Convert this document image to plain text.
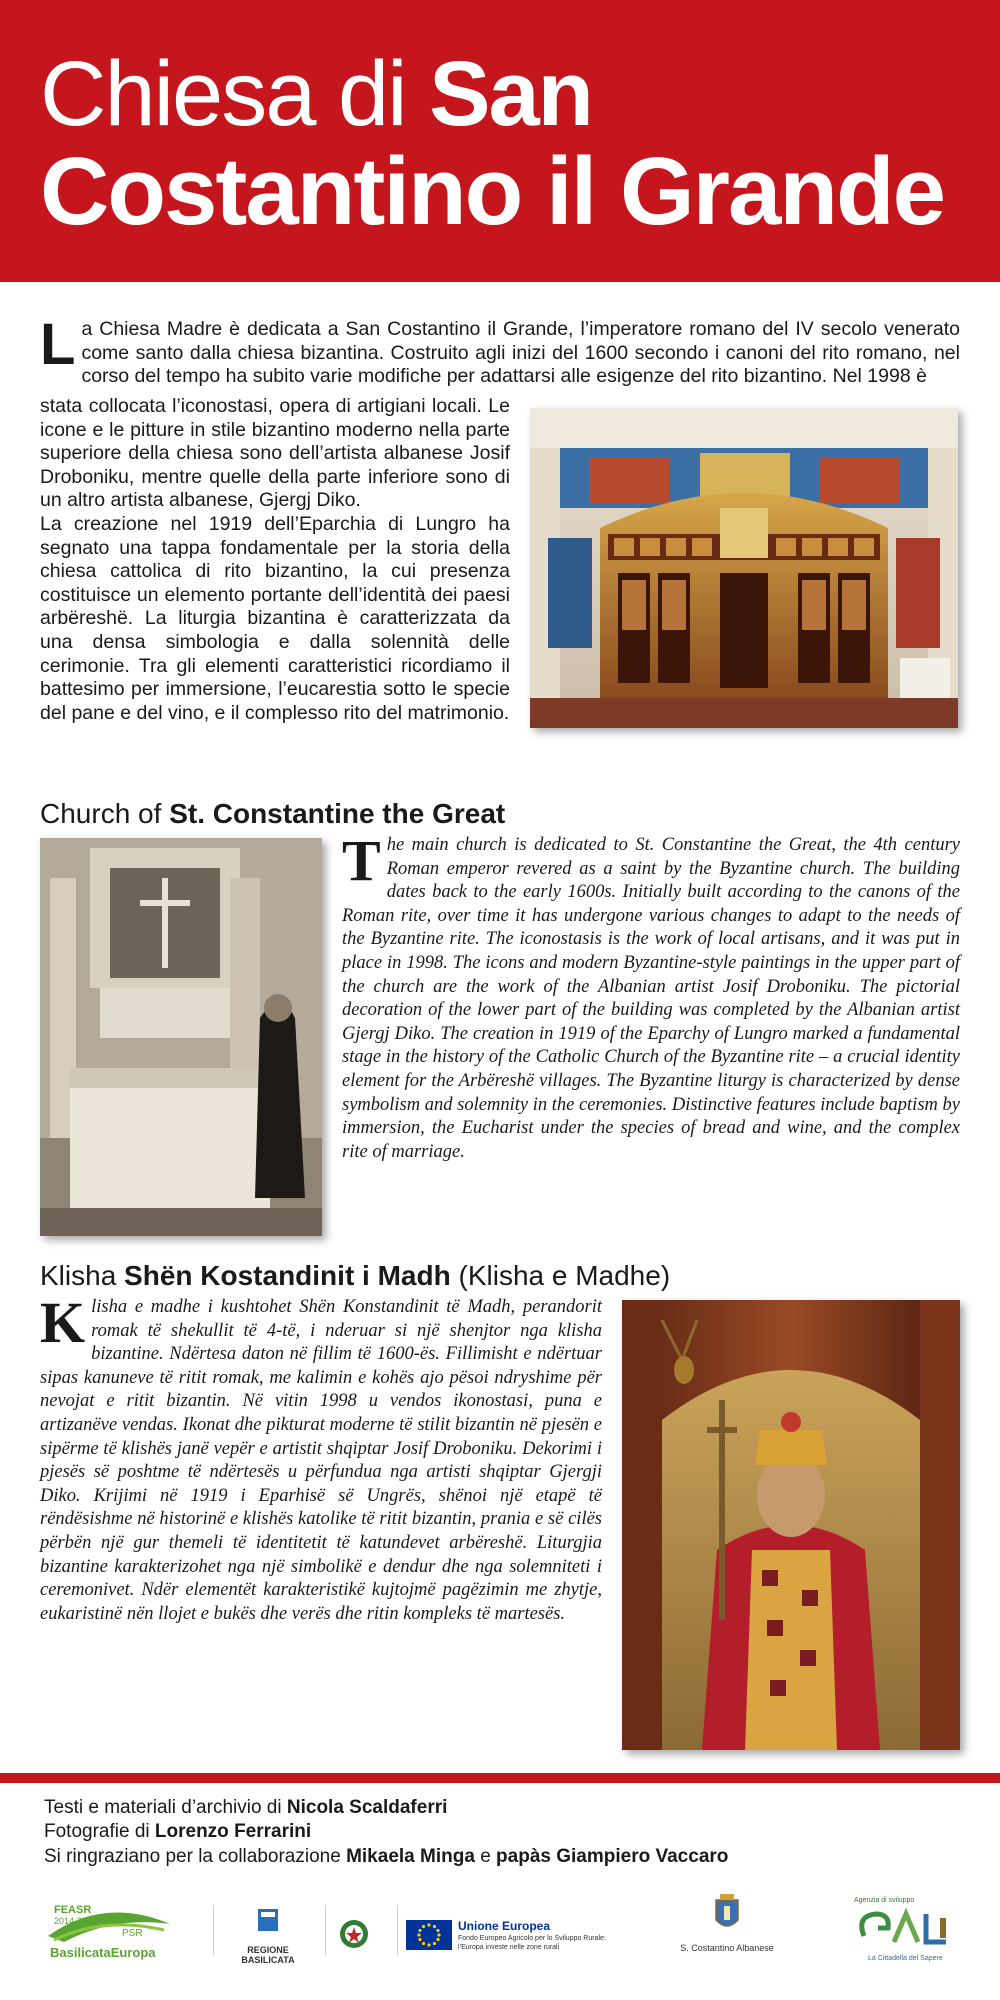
Chiesa di San
Costantino il Grande
La Chiesa Madre è dedicata a San Costantino il Grande, l’imperatore romano del IV secolo venerato come santo dalla chiesa bizantina. Costruito agli inizi del 1600 secondo i canoni del rito romano, nel corso del tempo ha subito varie modifiche per adattarsi alle esigenze del rito bizantino. Nel 1998 è
stata collocata l’iconostasi, opera di artigiani locali. Le icone e le pitture in stile bizantino moderno nella parte superiore della chiesa sono dell’artista albanese Josif Droboniku, mentre quelle della parte inferiore sono di un altro artista albanese, Gjergj Diko.
La creazione nel 1919 dell’Eparchia di Lungro ha segnato una tappa fondamentale per la storia della chiesa cattolica di rito bizantino, la cui presenza costituisce un elemento portante dell’identità dei paesi arbëreshë. La liturgia bizantina è caratterizzata da una densa simbologia e dalla solennità delle cerimonie. Tra gli elementi caratteristici ricordiamo il battesimo per immersione, l’eucarestia sotto le specie del pane e del vino, e il complesso rito del matrimonio.
Church of St. Constantine the Great
The main church is dedicated to St. Constantine the Great, the 4th century Roman emperor revered as a saint by the Byzantine church. The building dates back to the early 1600s. Initially built according to the canons of the Roman rite, over time it has undergone various changes to adapt to the needs of the Byzantine rite. The iconostasis is the work of local artisans, and it was put in place in 1998. The icons and modern Byzantine-style paintings in the upper part of the church are the work of the Albanian artist Josif Droboniku. The pictorial decoration of the lower part of the building was completed by the Albanian artist Gjergj Diko. The creation in 1919 of the Eparchy of Lungro marked a fundamental stage in the history of the Catholic Church of the Byzantine rite – a crucial identity element for the Arbëreshë villages. The Byzantine liturgy is characterized by dense symbolism and solemnity in the ceremonies. Distinctive features include baptism by immersion, the Eucharist under the species of bread and wine, and the complex rite of marriage.
Klisha Shën Kostandinit i Madh (Klisha e Madhe)
Klisha e madhe i kushtohet Shën Konstandinit të Madh, perandorit romak të shekullit të 4-të, i nderuar si një shenjtor nga klisha bizantine. Ndërtesa daton në fillim të 1600-ës. Fillimisht e ndërtuar sipas kanuneve të ritit romak, me kalimin e kohës ajo pësoi ndryshime për nevojat e ritit bizantin. Në vitin 1998 u vendos ikonostasi, puna e artizanëve vendas. Ikonat dhe pikturat moderne të stilit bizantin në pjesën e sipërme të klishës janë vepër e artistit shqiptar Josif Droboniku. Dekorimi i pjesës së poshtme të ndërtesës u përfundua nga artisti shqiptar Gjergji Diko. Krijimi në 1919 i Eparhisë së Ungrës, shënoi një etapë të rëndësishme në historinë e klishës katolike të ritit bizantin, prania e së cilës përbën një gur themeli të identitetit të katundevet arbëreshë. Liturgjia bizantine karakterizohet nga një simbolikë e dendur dhe nga solemniteti i ceremonivet. Ndër elementët karakteristikë kujtojmë pagëzimin me zhytje, eukaristinë nën llojet e bukës dhe verës dhe ritin kompleks të martesës.
Testi e materiali d’archivio di Nicola Scaldaferri
Fotografie di Lorenzo Ferrarini
Si ringraziano per la collaborazione Mikaela Minga e papàs Giampiero Vaccaro
FEASR
2014-2020
PSR
BasilicataEuropa	REGIONE BASILICATA
Unione Europea
Fondo Europeo Agricolo per lo Sviluppo Rurale:
l’Europa investe nelle zone rurali	S. Costantino Albanese
Agenzia di sviluppo
La Cittadella del Sapere
